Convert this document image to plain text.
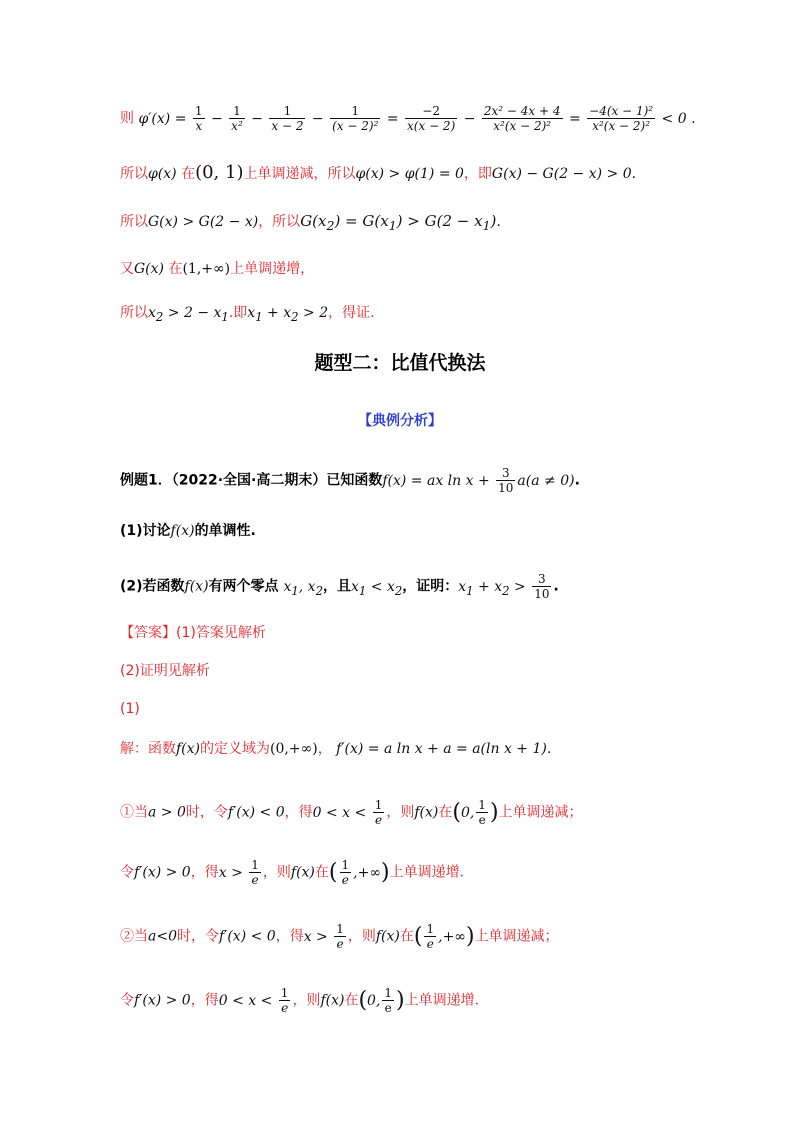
则 $\varphi'(x) = \frac{1}{x} - \frac{1}{\text{x²}} - \frac{1}{x - 2} - \frac{1}{\text{(x − 2)²}} = \frac{-2}{x(x - 2)} - \frac{\text{2x² − 4x + 4}}{\text{x²(x − 2)²}} = \frac{\text{−4(x − 1)²}}{\text{x²(x − 2)²}} < 0$ .
所以φ(x) 在(0, 1)上单调递减，所以φ(x) > φ(1) = 0，即G(x) − G(2 − x) > 0.
所以G(x) > G(2 − x)，所以$G(x_2) = G(x_1) > G(2 - x_1)$.
又G(x) 在(1,+∞)上单调递增，
所以$x_2 > 2 - x_1$.即$x_1 + x_2 > 2$，得证.
题型二：比值代换法
【典例分析】
例题1．（2022·全国·高二期末）已知函数f(x) = ax $\ln x + \frac{3}{10} a(a \ne 0)$.
(1)讨论f(x)的单调性.
(2)若函数f(x)有两个零点 $x_1$, $x_2$，且$x_1 < x_2$，证明：$x_1 + x_2 > \frac{3}{10}$ .
【答案】(1)答案见解析
(2)证明见解析
(1)
解：函数f(x)的定义域为(0,+∞)， f′(x) = a ln x + a = a(ln x + 1).
①当a > 0时，令f′(x) < 0，得$0 < x < \frac{1}{e}$ ，则f(x)在(0, $\frac{1}{e}$ )上单调递减；
令f′(x) > 0，得$x > \frac{1}{e}$ ，则f(x)在( $\frac{1}{e}$ ,+∞)上单调递增.
②当a<0时，令f′(x) < 0，得$x > \frac{1}{e}$ ，则f(x)在( $\frac{1}{e}$ ,+∞)上单调递减；
令f′(x) > 0，得$0 < x < \frac{1}{e}$ ，则f(x)在(0, $\frac{1}{e}$ )上单调递增.
